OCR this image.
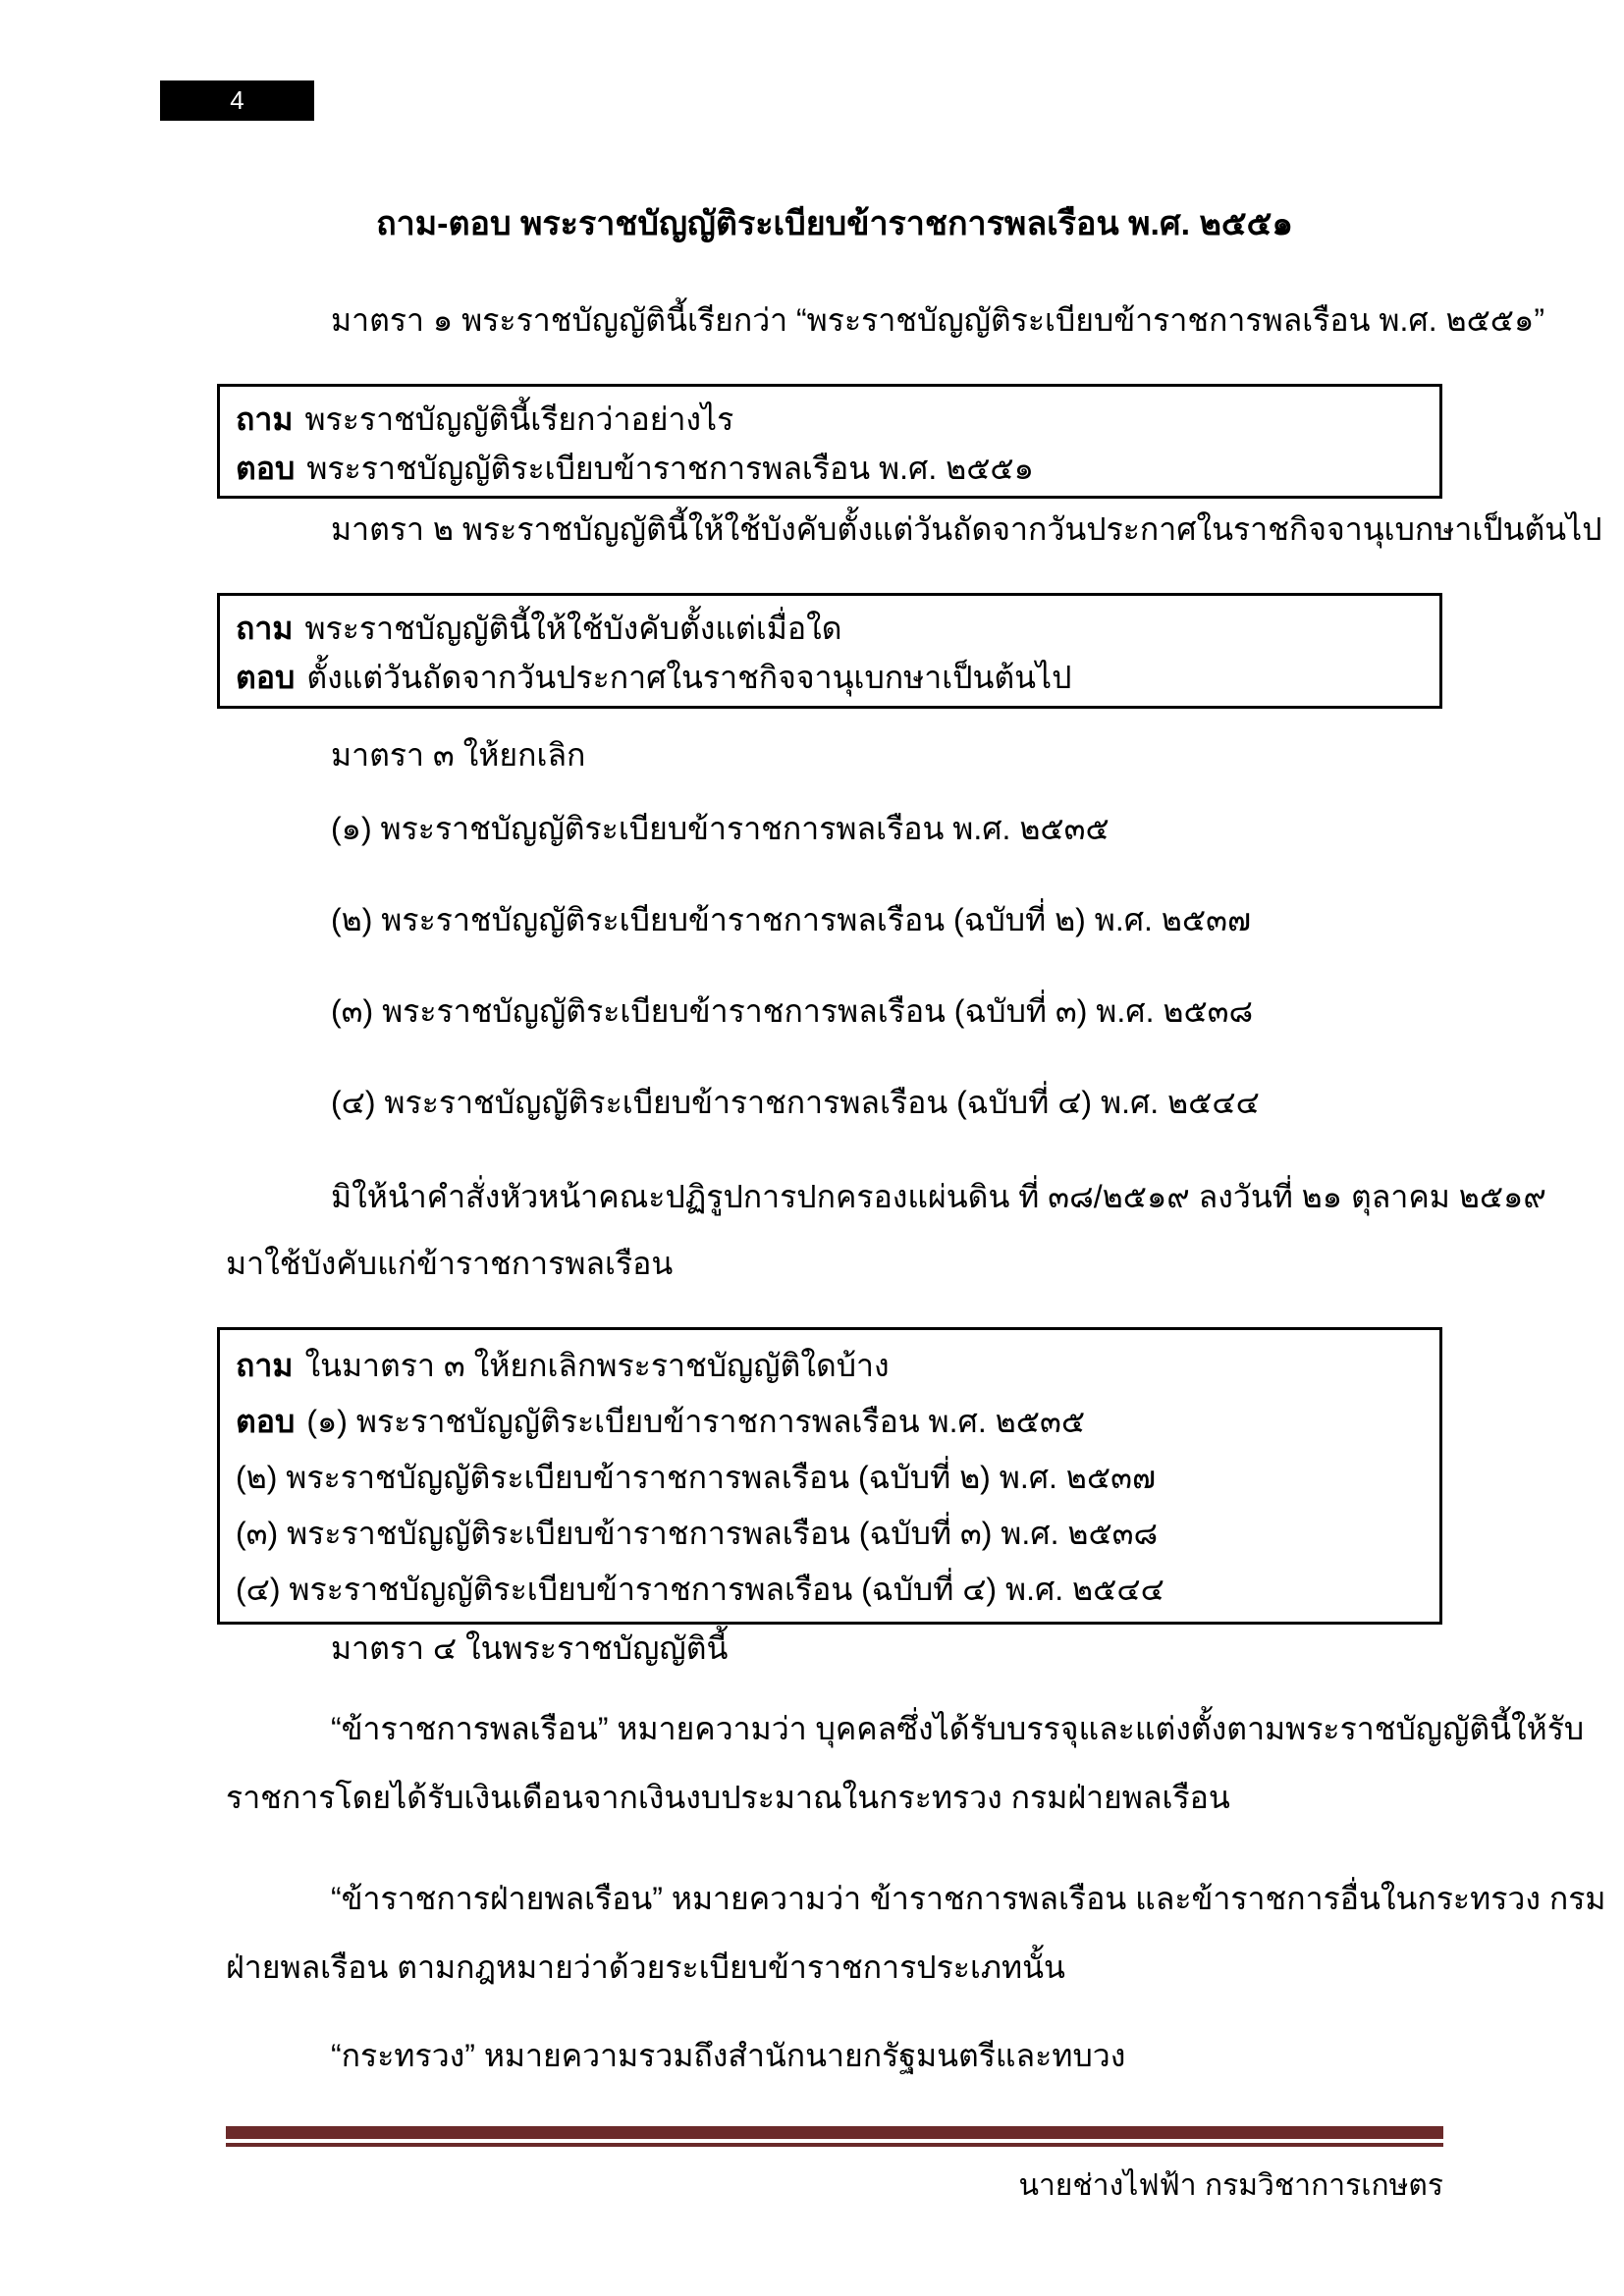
4
ถาม-ตอบ พระราชบัญญัติระเบียบข้าราชการพลเรือน พ.ศ. ๒๕๕๑
มาตรา ๑ พระราชบัญญัตินี้เรียกว่า “พระราชบัญญัติระเบียบข้าราชการพลเรือน พ.ศ. ๒๕๕๑”
ถาม พระราชบัญญัตินี้เรียกว่าอย่างไร
ตอบ พระราชบัญญัติระเบียบข้าราชการพลเรือน พ.ศ. ๒๕๕๑
มาตรา ๒ พระราชบัญญัตินี้ให้ใช้บังคับตั้งแต่วันถัดจากวันประกาศในราชกิจจานุเบกษาเป็นต้นไป
ถาม พระราชบัญญัตินี้ให้ใช้บังคับตั้งแต่เมื่อใด
ตอบ ตั้งแต่วันถัดจากวันประกาศในราชกิจจานุเบกษาเป็นต้นไป
มาตรา ๓ ให้ยกเลิก
(๑) พระราชบัญญัติระเบียบข้าราชการพลเรือน พ.ศ. ๒๕๓๕
(๒) พระราชบัญญัติระเบียบข้าราชการพลเรือน (ฉบับที่ ๒) พ.ศ. ๒๕๓๗
(๓) พระราชบัญญัติระเบียบข้าราชการพลเรือน (ฉบับที่ ๓) พ.ศ. ๒๕๓๘
(๔) พระราชบัญญัติระเบียบข้าราชการพลเรือน (ฉบับที่ ๔) พ.ศ. ๒๕๔๔
มิให้นำคำสั่งหัวหน้าคณะปฏิรูปการปกครองแผ่นดิน ที่ ๓๘/๒๕๑๙ ลงวันที่ ๒๑ ตุลาคม ๒๕๑๙
มาใช้บังคับแก่ข้าราชการพลเรือน
ถาม ในมาตรา ๓ ให้ยกเลิกพระราชบัญญัติใดบ้าง
ตอบ (๑) พระราชบัญญัติระเบียบข้าราชการพลเรือน พ.ศ. ๒๕๓๕
(๒) พระราชบัญญัติระเบียบข้าราชการพลเรือน (ฉบับที่ ๒) พ.ศ. ๒๕๓๗
(๓) พระราชบัญญัติระเบียบข้าราชการพลเรือน (ฉบับที่ ๓) พ.ศ. ๒๕๓๘
(๔) พระราชบัญญัติระเบียบข้าราชการพลเรือน (ฉบับที่ ๔) พ.ศ. ๒๕๔๔
มาตรา ๔ ในพระราชบัญญัตินี้
“ข้าราชการพลเรือน” หมายความว่า บุคคลซึ่งได้รับบรรจุและแต่งตั้งตามพระราชบัญญัตินี้ให้รับ
ราชการโดยได้รับเงินเดือนจากเงินงบประมาณในกระทรวง กรมฝ่ายพลเรือน
“ข้าราชการฝ่ายพลเรือน” หมายความว่า ข้าราชการพลเรือน และข้าราชการอื่นในกระทรวง กรม
ฝ่ายพลเรือน ตามกฎหมายว่าด้วยระเบียบข้าราชการประเภทนั้น
“กระทรวง” หมายความรวมถึงสำนักนายกรัฐมนตรีและทบวง
นายช่างไฟฟ้า กรมวิชาการเกษตร
